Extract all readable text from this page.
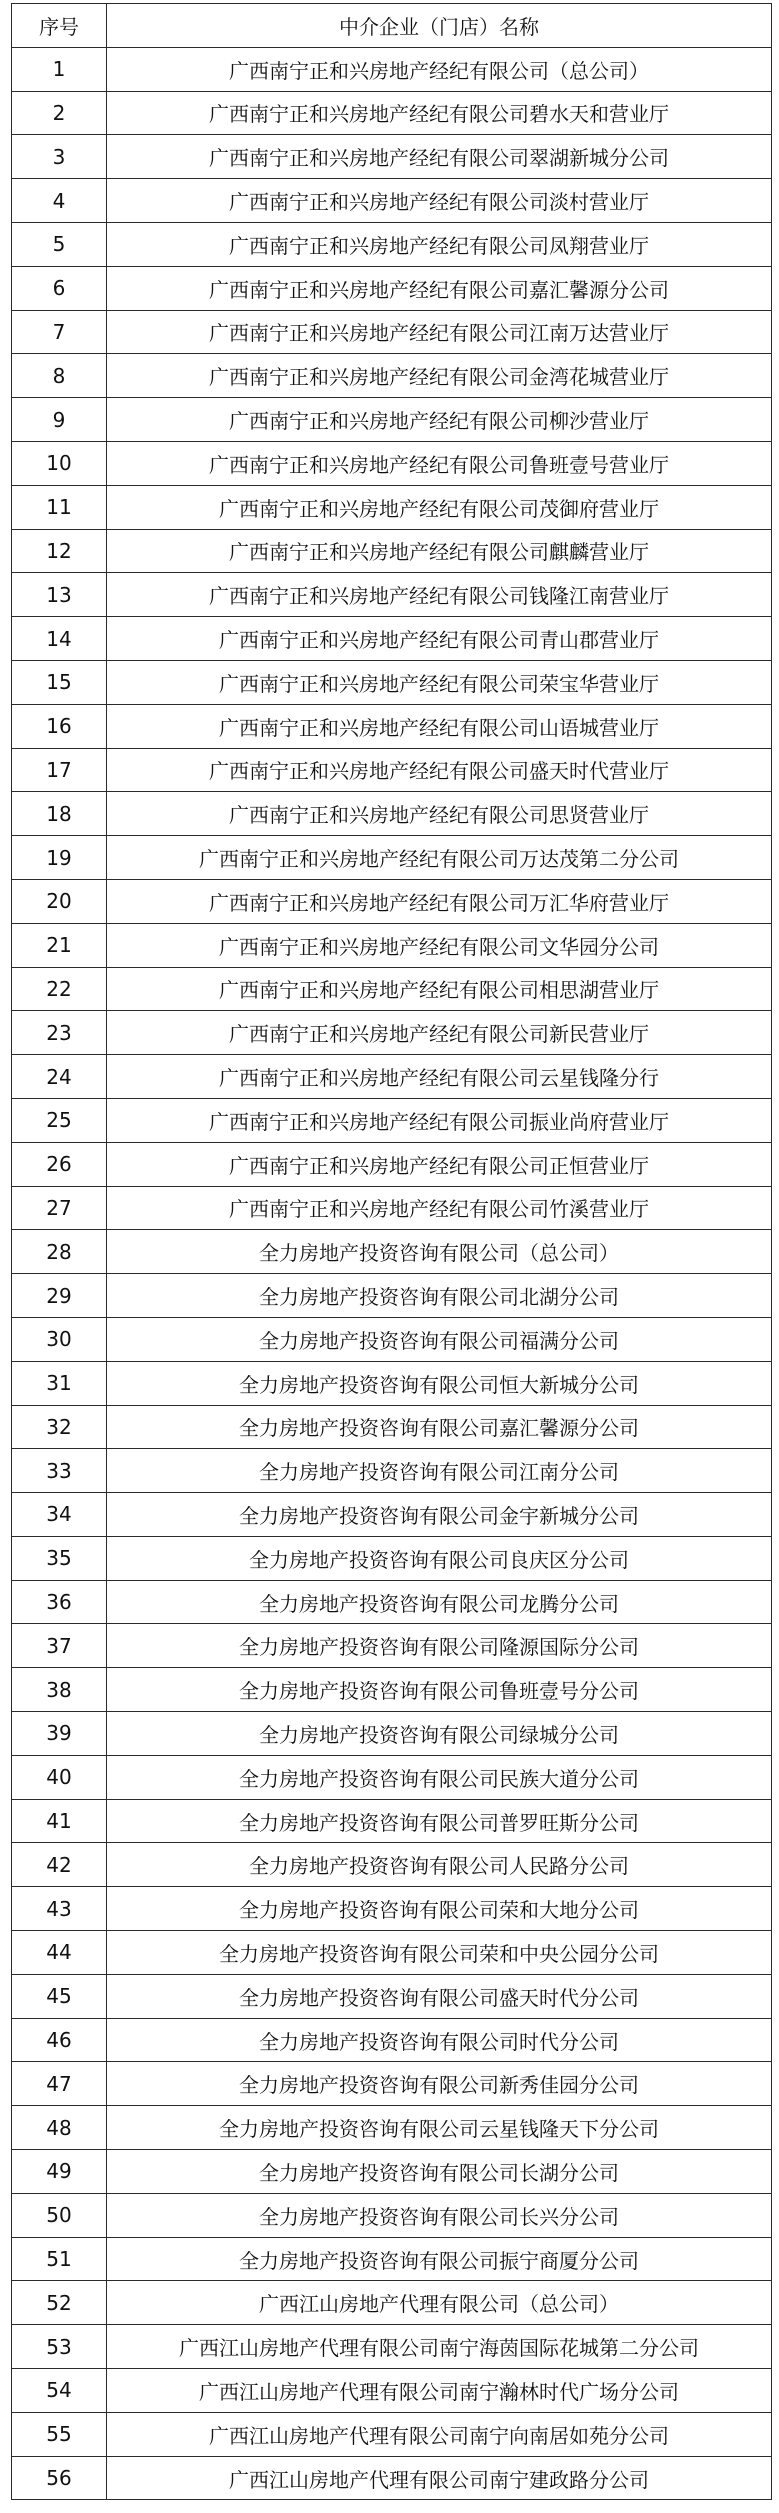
序号	中介企业（门店）名称
1	广西南宁正和兴房地产经纪有限公司（总公司）
2	广西南宁正和兴房地产经纪有限公司碧水天和营业厅
3	广西南宁正和兴房地产经纪有限公司翠湖新城分公司
4	广西南宁正和兴房地产经纪有限公司淡村营业厅
5	广西南宁正和兴房地产经纪有限公司凤翔营业厅
6	广西南宁正和兴房地产经纪有限公司嘉汇馨源分公司
7	广西南宁正和兴房地产经纪有限公司江南万达营业厅
8	广西南宁正和兴房地产经纪有限公司金湾花城营业厅
9	广西南宁正和兴房地产经纪有限公司柳沙营业厅
10	广西南宁正和兴房地产经纪有限公司鲁班壹号营业厅
11	广西南宁正和兴房地产经纪有限公司茂御府营业厅
12	广西南宁正和兴房地产经纪有限公司麒麟营业厅
13	广西南宁正和兴房地产经纪有限公司钱隆江南营业厅
14	广西南宁正和兴房地产经纪有限公司青山郡营业厅
15	广西南宁正和兴房地产经纪有限公司荣宝华营业厅
16	广西南宁正和兴房地产经纪有限公司山语城营业厅
17	广西南宁正和兴房地产经纪有限公司盛天时代营业厅
18	广西南宁正和兴房地产经纪有限公司思贤营业厅
19	广西南宁正和兴房地产经纪有限公司万达茂第二分公司
20	广西南宁正和兴房地产经纪有限公司万汇华府营业厅
21	广西南宁正和兴房地产经纪有限公司文华园分公司
22	广西南宁正和兴房地产经纪有限公司相思湖营业厅
23	广西南宁正和兴房地产经纪有限公司新民营业厅
24	广西南宁正和兴房地产经纪有限公司云星钱隆分行
25	广西南宁正和兴房地产经纪有限公司振业尚府营业厅
26	广西南宁正和兴房地产经纪有限公司正恒营业厅
27	广西南宁正和兴房地产经纪有限公司竹溪营业厅
28	全力房地产投资咨询有限公司（总公司）
29	全力房地产投资咨询有限公司北湖分公司
30	全力房地产投资咨询有限公司福满分公司
31	全力房地产投资咨询有限公司恒大新城分公司
32	全力房地产投资咨询有限公司嘉汇馨源分公司
33	全力房地产投资咨询有限公司江南分公司
34	全力房地产投资咨询有限公司金宇新城分公司
35	全力房地产投资咨询有限公司良庆区分公司
36	全力房地产投资咨询有限公司龙腾分公司
37	全力房地产投资咨询有限公司隆源国际分公司
38	全力房地产投资咨询有限公司鲁班壹号分公司
39	全力房地产投资咨询有限公司绿城分公司
40	全力房地产投资咨询有限公司民族大道分公司
41	全力房地产投资咨询有限公司普罗旺斯分公司
42	全力房地产投资咨询有限公司人民路分公司
43	全力房地产投资咨询有限公司荣和大地分公司
44	全力房地产投资咨询有限公司荣和中央公园分公司
45	全力房地产投资咨询有限公司盛天时代分公司
46	全力房地产投资咨询有限公司时代分公司
47	全力房地产投资咨询有限公司新秀佳园分公司
48	全力房地产投资咨询有限公司云星钱隆天下分公司
49	全力房地产投资咨询有限公司长湖分公司
50	全力房地产投资咨询有限公司长兴分公司
51	全力房地产投资咨询有限公司振宁商厦分公司
52	广西江山房地产代理有限公司（总公司）
53	广西江山房地产代理有限公司南宁海茵国际花城第二分公司
54	广西江山房地产代理有限公司南宁瀚林时代广场分公司
55	广西江山房地产代理有限公司南宁向南居如苑分公司
56	广西江山房地产代理有限公司南宁建政路分公司
